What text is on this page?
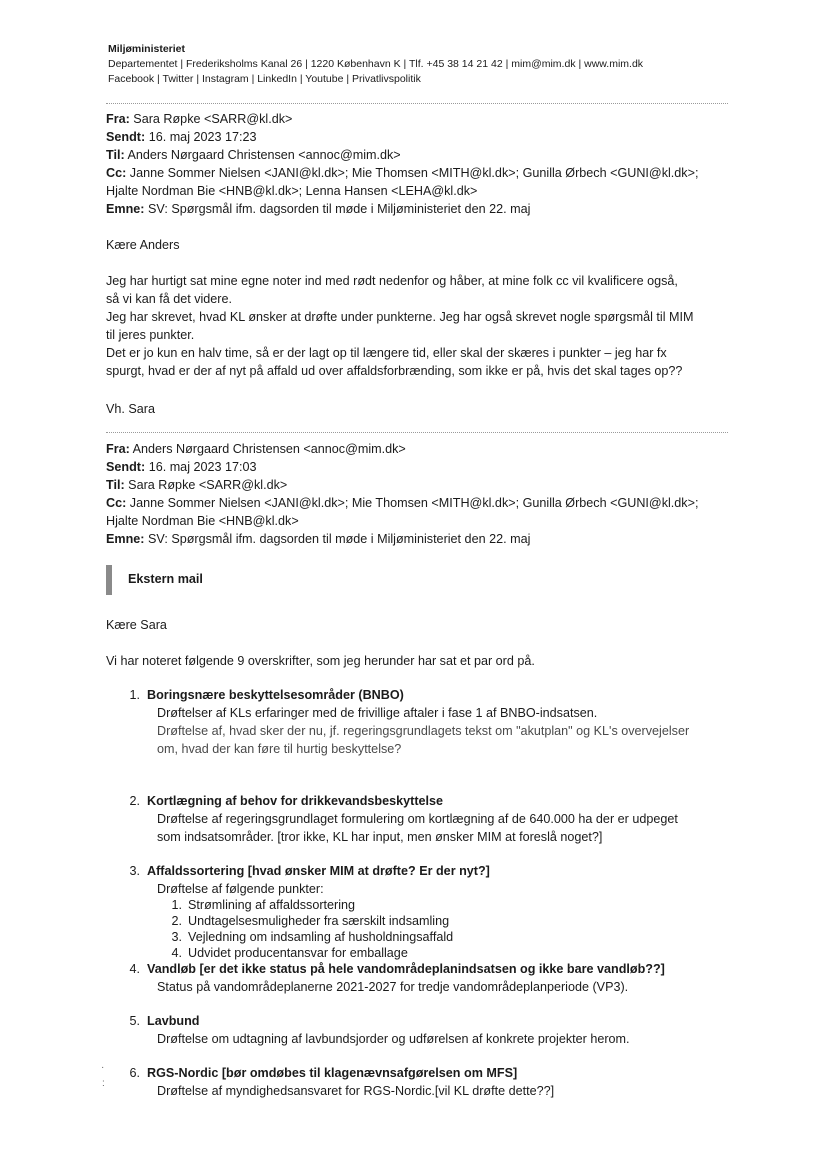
Miljøministeriet
Departementet | Frederiksholms Kanal 26 | 1220 København K | Tlf. +45 38 14 21 42 | mim@mim.dk | www.mim.dk
Facebook | Twitter | Instagram | LinkedIn | Youtube | Privatlivspolitik
Fra: Sara Røpke <SARR@kl.dk>
Sendt: 16. maj 2023 17:23
Til: Anders Nørgaard Christensen <annoc@mim.dk>
Cc: Janne Sommer Nielsen <JANI@kl.dk>; Mie Thomsen <MITH@kl.dk>; Gunilla Ørbech <GUNI@kl.dk>;
Hjalte Nordman Bie <HNB@kl.dk>; Lenna Hansen <LEHA@kl.dk>
Emne: SV: Spørgsmål ifm. dagsorden til møde i Miljøministeriet den 22. maj
Kære Anders
Jeg har hurtigt sat mine egne noter ind med rødt nedenfor og håber, at mine folk cc vil kvalificere også,
så vi kan få det videre.
Jeg har skrevet, hvad KL ønsker at drøfte under punkterne. Jeg har også skrevet nogle spørgsmål til MIM
til jeres punkter.
Det er jo kun en halv time, så er der lagt op til længere tid, eller skal der skæres i punkter – jeg har fx
spurgt, hvad er der af nyt på affald ud over affaldsforbrænding, som ikke er på, hvis det skal tages op??
Vh. Sara
Fra: Anders Nørgaard Christensen <annoc@mim.dk>
Sendt: 16. maj 2023 17:03
Til: Sara Røpke <SARR@kl.dk>
Cc: Janne Sommer Nielsen <JANI@kl.dk>; Mie Thomsen <MITH@kl.dk>; Gunilla Ørbech <GUNI@kl.dk>;
Hjalte Nordman Bie <HNB@kl.dk>
Emne: SV: Spørgsmål ifm. dagsorden til møde i Miljøministeriet den 22. maj
Ekstern mail
Kære Sara
Vi har noteret følgende 9 overskrifter, som jeg herunder har sat et par ord på.
1. Boringsnære beskyttelsesområder (BNBO)
Drøftelser af KLs erfaringer med de frivillige aftaler i fase 1 af BNBO-indsatsen.
Drøftelse af, hvad sker der nu, jf. regeringsgrundlagets tekst om "akutplan" og KL's overvejelser
om, hvad der kan føre til hurtig beskyttelse?
2. Kortlægning af behov for drikkevandsbeskyttelse
Drøftelse af regeringsgrundlaget formulering om kortlægning af de 640.000 ha der er udpeget
som indsatsområder. [tror ikke, KL har input, men ønsker MIM at foreslå noget?]
3. Affaldssortering [hvad ønsker MIM at drøfte? Er der nyt?]
Drøftelse af følgende punkter:
1. Strømlining af affaldssortering
2. Undtagelsesmuligheder fra særskilt indsamling
3. Vejledning om indsamling af husholdningsaffald
4. Udvidet producentansvar for emballage
4. Vandløb [er det ikke status på hele vandområdeplanindsatsen og ikke bare vandløb??]
Status på vandområdeplanerne 2021-2027 for tredje vandområdeplanperiode (VP3).
5. Lavbund
Drøftelse om udtagning af lavbundsjorder og udførelsen af konkrete projekter herom.
6. RGS-Nordic [bør omdøbes til klagenævnsafgørelsen om MFS]
Drøftelse af myndighedsansvaret for RGS-Nordic.[vil KL drøfte dette??]
·
:
